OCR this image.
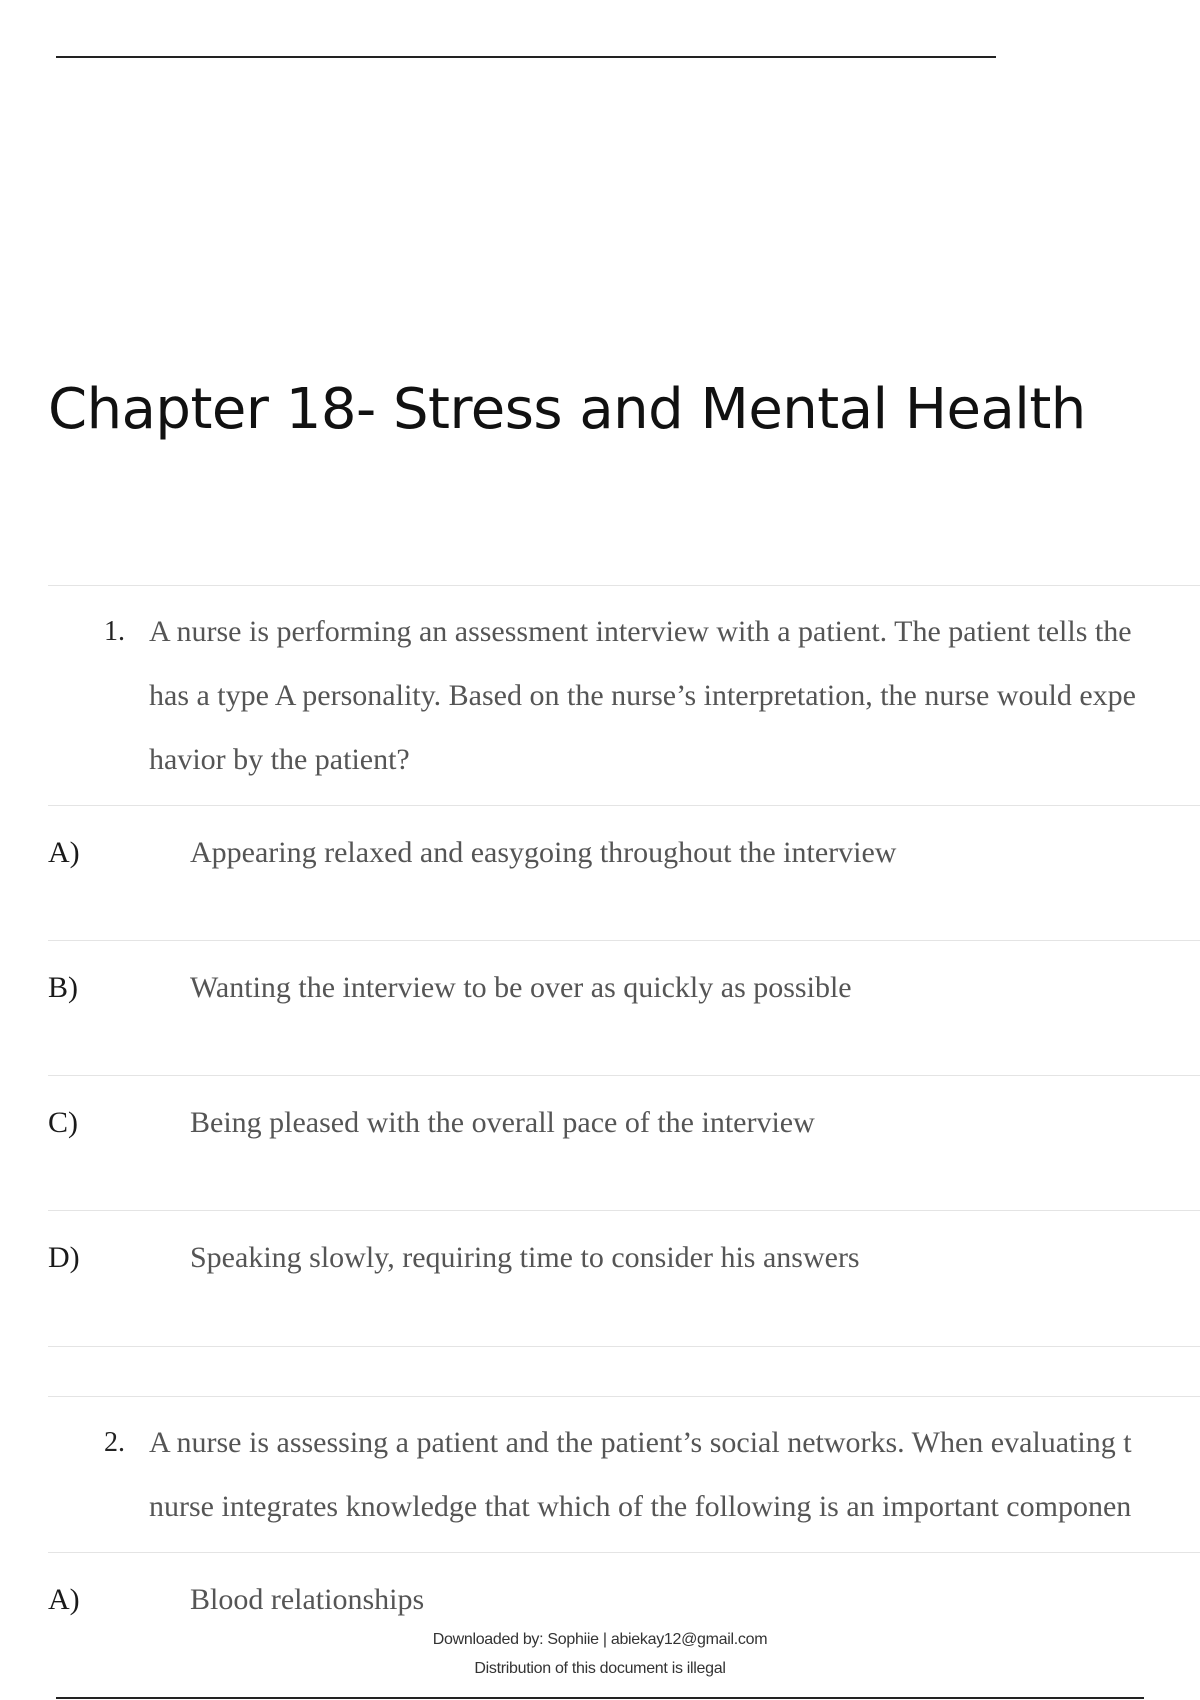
Chapter 18- Stress and Mental Health
1. A nurse is performing an assessment interview with a patient. The patient tells the
has a type A personality. Based on the nurse’s interpretation, the nurse would expe
havior by the patient?
A)	Appearing relaxed and easygoing throughout the interview
B)	Wanting the interview to be over as quickly as possible
C)	Being pleased with the overall pace of the interview
D)	Speaking slowly, requiring time to consider his answers
2. A nurse is assessing a patient and the patient’s social networks. When evaluating t
nurse integrates knowledge that which of the following is an important componen
A)	Blood relationships
Downloaded by: Sophiie | abiekay12@gmail.com
Distribution of this document is illegal
